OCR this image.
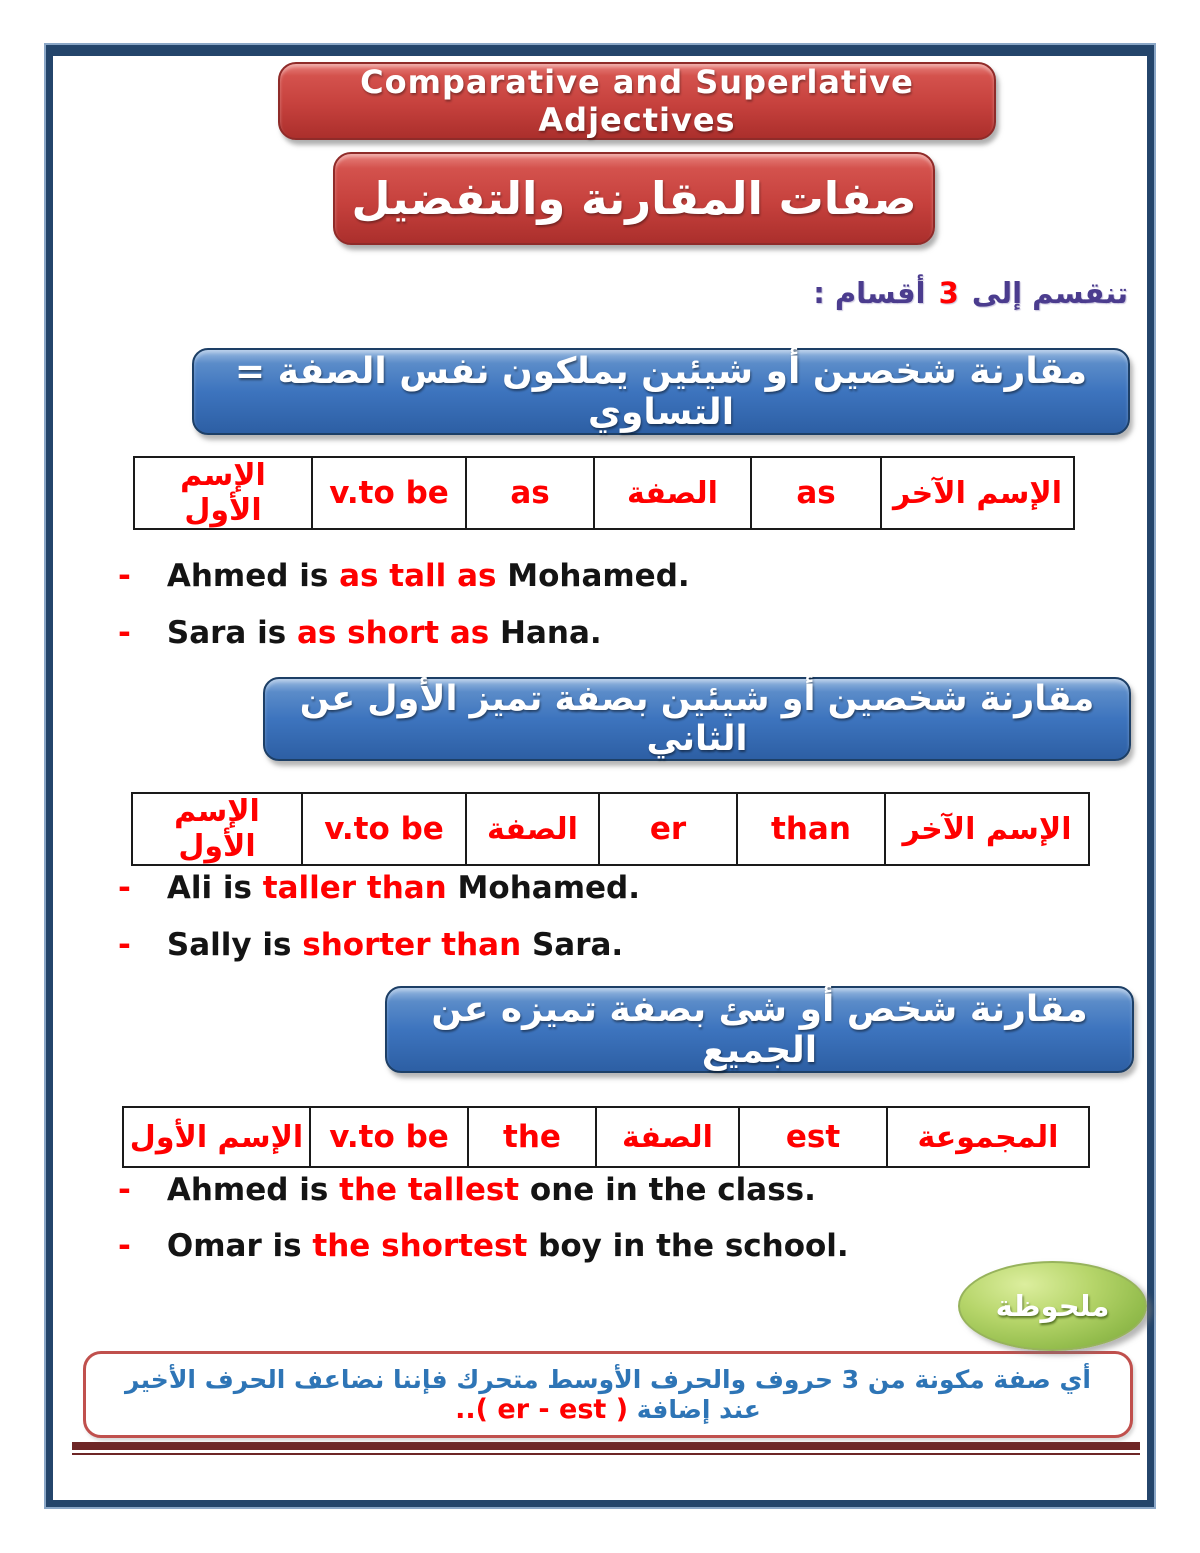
Comparative and Superlative Adjectives
صفات المقارنة والتفضيل
تنقسم إلى 3 أقسام :
مقارنة شخصين أو شيئين يملكون نفس الصفة = التساوي
الإسم الأول	v.to be	as	الصفة	as	الإسم الآخر
- Ahmed is as tall as Mohamed.
- Sara is as short as Hana.
مقارنة شخصين أو شيئين بصفة تميز الأول عن الثاني
الإسم الأول	v.to be	الصفة	er	than	الإسم الآخر
- Ali is taller than Mohamed.
- Sally is shorter than Sara.
مقارنة شخص أو شئ بصفة تميزه عن الجميع
الإسم الأول	v.to be	the	الصفة	est	المجموعة
- Ahmed is the tallest one in the class.
- Omar is the shortest boy in the school.
ملحوظة
أي صفة مكونة من 3 حروف والحرف الأوسط متحرك فإننا نضاعف الحرف الأخير عند إضافة ( er - est )..
